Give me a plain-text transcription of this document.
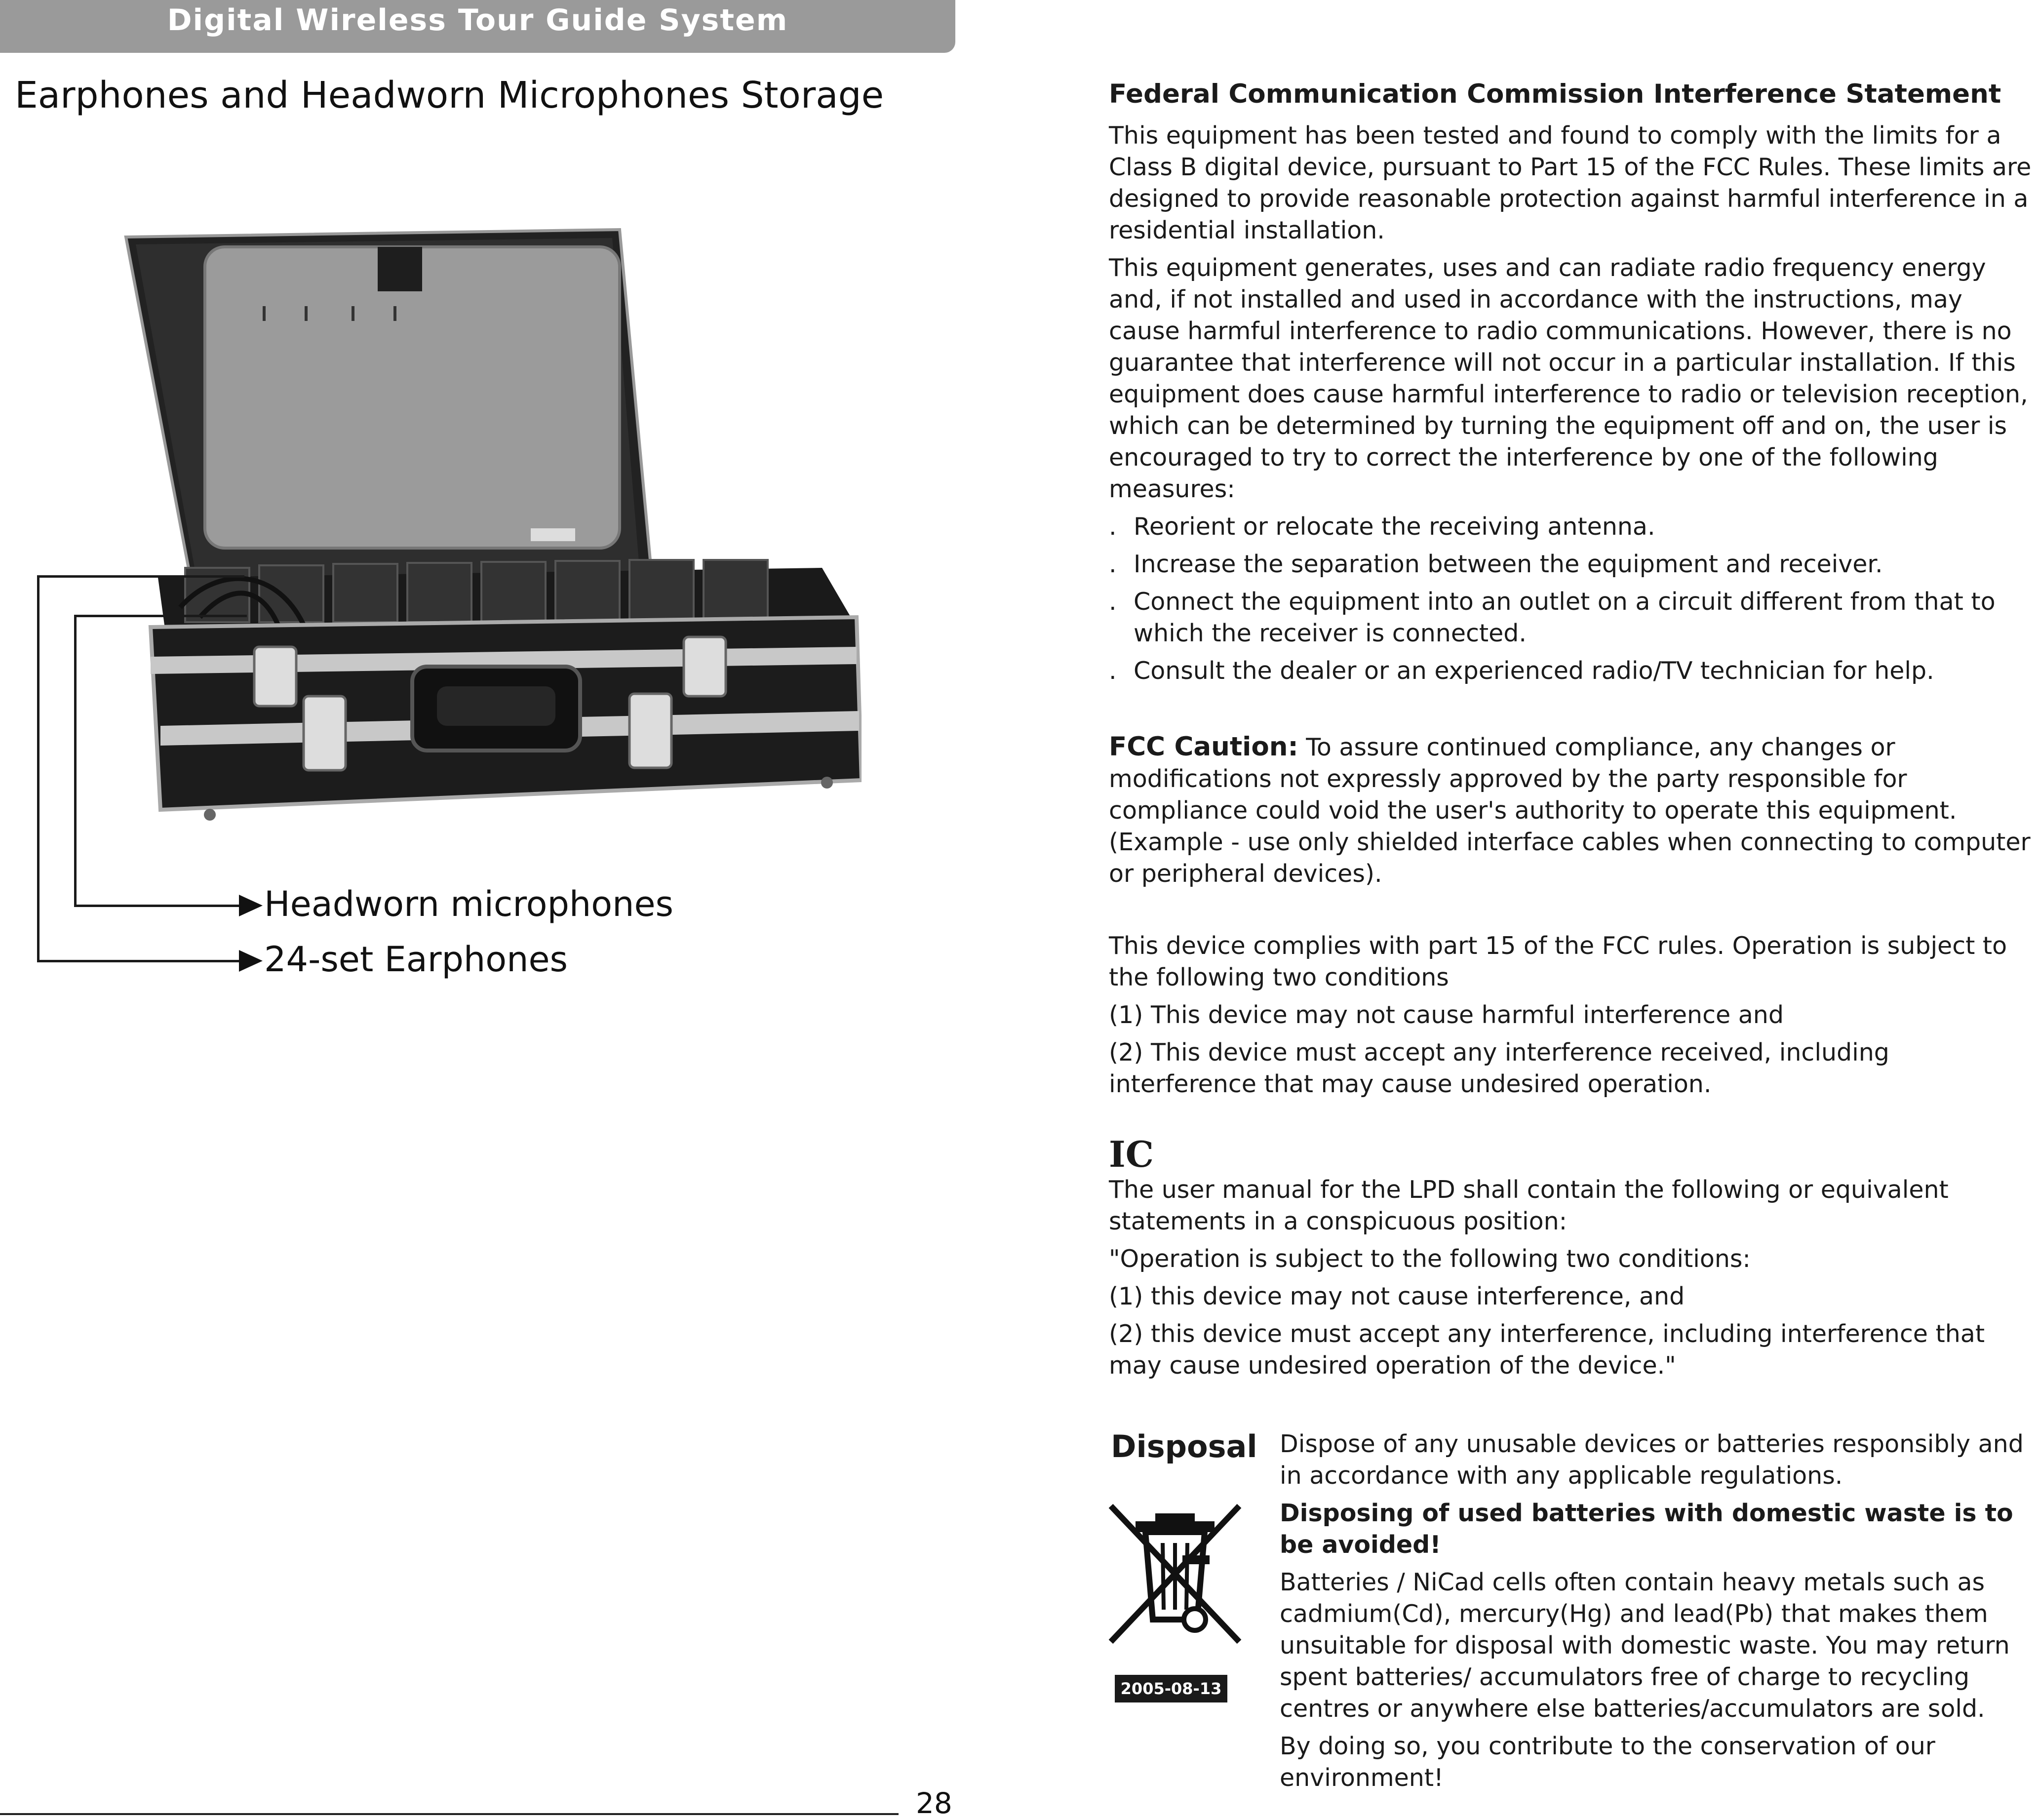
Digital Wireless Tour Guide System
Earphones and Headworn Microphones Storage
Headworn microphones
24-set Earphones
28
Federal Communication Commission Interference Statement

This equipment has been tested and found to comply with the limits for a Class B digital device, pursuant to Part 15 of the FCC Rules. These limits are designed to provide reasonable protection against harmful interference in a residential installation.

This equipment generates, uses and can radiate radio frequency energy and, if not installed and used in accordance with the instructions, may cause harmful interference to radio communications. However, there is no guarantee that interference will not occur in a particular installation. If this equipment does cause harmful interference to radio or television reception, which can be determined by turning the equipment off and on, the user is encouraged to try to correct the interference by one of the following measures:

. Reorient or relocate the receiving antenna.
. Increase the separation between the equipment and receiver.
. Connect the equipment into an outlet on a circuit different from that to which the receiver is connected.
. Consult the dealer or an experienced radio/TV technician for help.

FCC Caution: To assure continued compliance, any changes or modifications not expressly approved by the party responsible for compliance could void the user's authority to operate this equipment. (Example - use only shielded interface cables when connecting to computer or peripheral devices).

This device complies with part 15 of the FCC rules. Operation is subject to the following two conditions

(1) This device may not cause harmful interference and

(2) This device must accept any interference received, including interference that may cause undesired operation.

IC

The user manual for the LPD shall contain the following or equivalent statements in a conspicuous position:

"Operation is subject to the following two conditions:

(1) this device may not cause interference, and

(2) this device must accept any interference, including interference that may cause undesired operation of the device."

Disposal
2005-08-13

Dispose of any unusable devices or batteries responsibly and in accordance with any applicable regulations.

Disposing of used batteries with domestic waste is to be avoided!

Batteries / NiCad cells often contain heavy metals such as cadmium(Cd), mercury(Hg) and lead(Pb) that makes them unsuitable for disposal with domestic waste. You may return spent batteries/ accumulators free of charge to recycling centres or anywhere else batteries/accumulators are sold.

By doing so, you contribute to the conservation of our environment!
